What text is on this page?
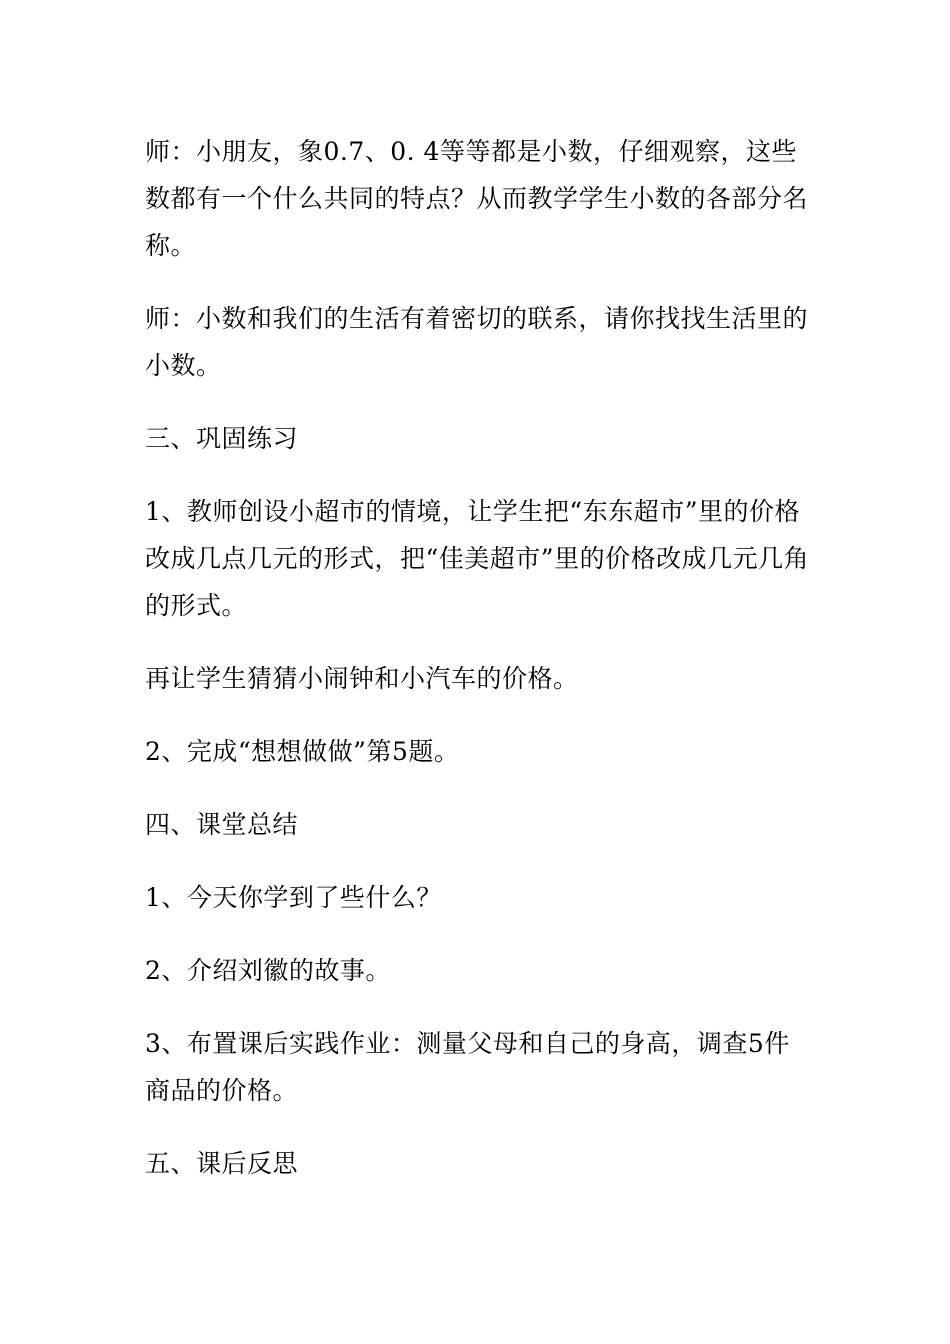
师：小朋友，象0.7、0. 4等等都是小数，仔细观察，这些数都有一个什么共同的特点？从而教学学生小数的各部分名称。

师：小数和我们的生活有着密切的联系，请你找找生活里的小数。

三、巩固练习

1、教师创设小超市的情境，让学生把“东东超市”里的价格改成几点几元的形式，把“佳美超市”里的价格改成几元几角的形式。

再让学生猜猜小闹钟和小汽车的价格。

2、完成“想想做做”第5题。

四、课堂总结

1、今天你学到了些什么？

2、介绍刘徽的故事。

3、布置课后实践作业：测量父母和自己的身高，调查5件商品的价格。

五、课后反思
